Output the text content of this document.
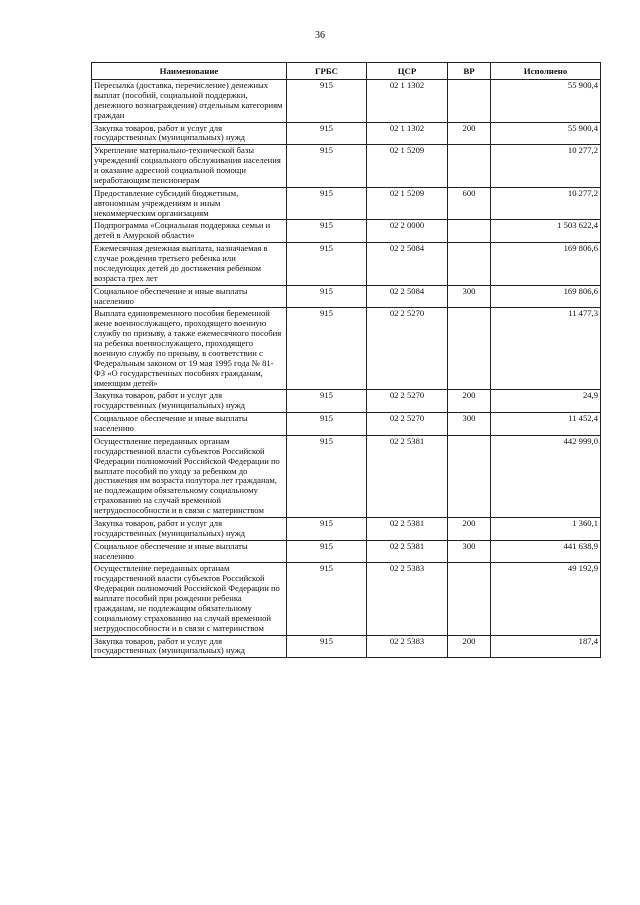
36
Наименование	ГРБС	ЦСР	ВР	Исполнено
Пересылка (доставка, перечисление) денежных выплат (пособий, социальной поддержки, денежного вознаграждения) отдельным категориям граждан	915	02 1 1302		55 900,4
Закупка товаров, работ и услуг для государственных (муниципальных) нужд	915	02 1 1302	200	55 900,4
Укрепление материально-технической базы учреждений социального обслуживания населения и оказание адресной социальной помощи неработающим пенсионерам	915	02 1 5209		10 277,2
Предоставление субсидий бюджетным, автономным учреждениям и иным некоммерческим организациям	915	02 1 5209	600	10 277,2
Подпрограмма «Социальная поддержка семьи и детей в Амурской области»	915	02 2 0000		1 503 622,4
Ежемесячная денежная выплата, назначаемая в случае рождения третьего ребенка или последующих детей до достижения ребенком возраста трех лет	915	02 2 5084		169 806,6
Социальное обеспечение и иные выплаты населению	915	02 2 5084	300	169 806,6
Выплата единовременного пособия беременной жене военнослужащего, проходящего военную службу по призыву, а также ежемесячного пособия на ребенка военнослужащего, проходящего военную службу по призыву, в соответствии с Федеральным законом от 19 мая 1995 года № 81-ФЗ «О государственных пособиях гражданам, имеющим детей»	915	02 2 5270		11 477,3
Закупка товаров, работ и услуг для государственных (муниципальных) нужд	915	02 2 5270	200	24,9
Социальное обеспечение и иные выплаты населению	915	02 2 5270	300	11 452,4
Осуществление переданных органам государственной власти субъектов Российской Федерации полномочий Российской Федерации по выплате пособий по уходу за ребенком до достижения им возраста полутора лет гражданам, не подлежащим обязательному социальному страхованию на случай временной нетрудоспособности и в связи с материнством	915	02 2 5381		442 999,0
Закупка товаров, работ и услуг для государственных (муниципальных) нужд	915	02 2 5381	200	1 360,1
Социальное обеспечение и иные выплаты населению	915	02 2 5381	300	441 638,9
Осуществление переданных органам государственной власти субъектов Российской Федерации полномочий Российской Федерации по выплате пособий при рождении ребенка гражданам, не подлежащим обязательному социальному страхованию на случай временной нетрудоспособности и в связи с материнством	915	02 2 5383		49 192,9
Закупка товаров, работ и услуг для государственных (муниципальных) нужд	915	02 2 5383	200	187,4
